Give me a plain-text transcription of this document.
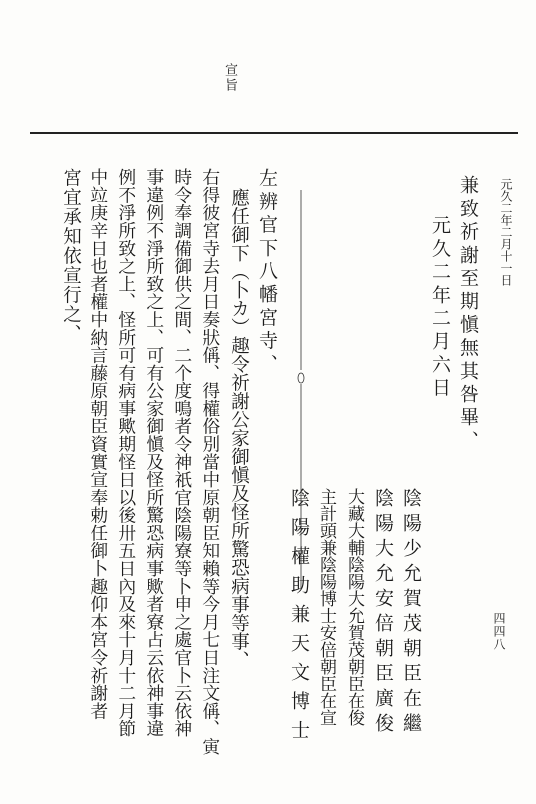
宣旨
元久二年二月十一日
四四八
兼致祈謝至期愼無其咎畢、
元久二年二月六日
陰陽少允賀茂朝臣在繼
陰陽大允安倍朝臣廣俊
大藏大輔陰陽大允賀茂朝臣在俊
主計頭兼陰陽博士安倍朝臣在宣
陰陽權助兼天文博士
左辨官下八幡宮寺、
應任御下（卜カ）趣令祈謝公家御愼及怪所驚恐病事等事、
右得彼宮寺去月日奏狀偁、得權俗別當中原朝臣知賴等今月七日注文偁、寅
時令奉調備御供之間、二个度鳴者令神祇官陰陽寮等卜申之處官卜云依神
事違例不淨所致之上、可有公家御愼及怪所驚恐病事歟者寮占云依神事違
例不淨所致之上、怪所可有病事歟期怪日以後卅五日內及來十月十二月節
中竝庚辛日也者權中納言藤原朝臣資實宣奉勅任御卜趣仰本宮令祈謝者
宮宜承知依宣行之、
